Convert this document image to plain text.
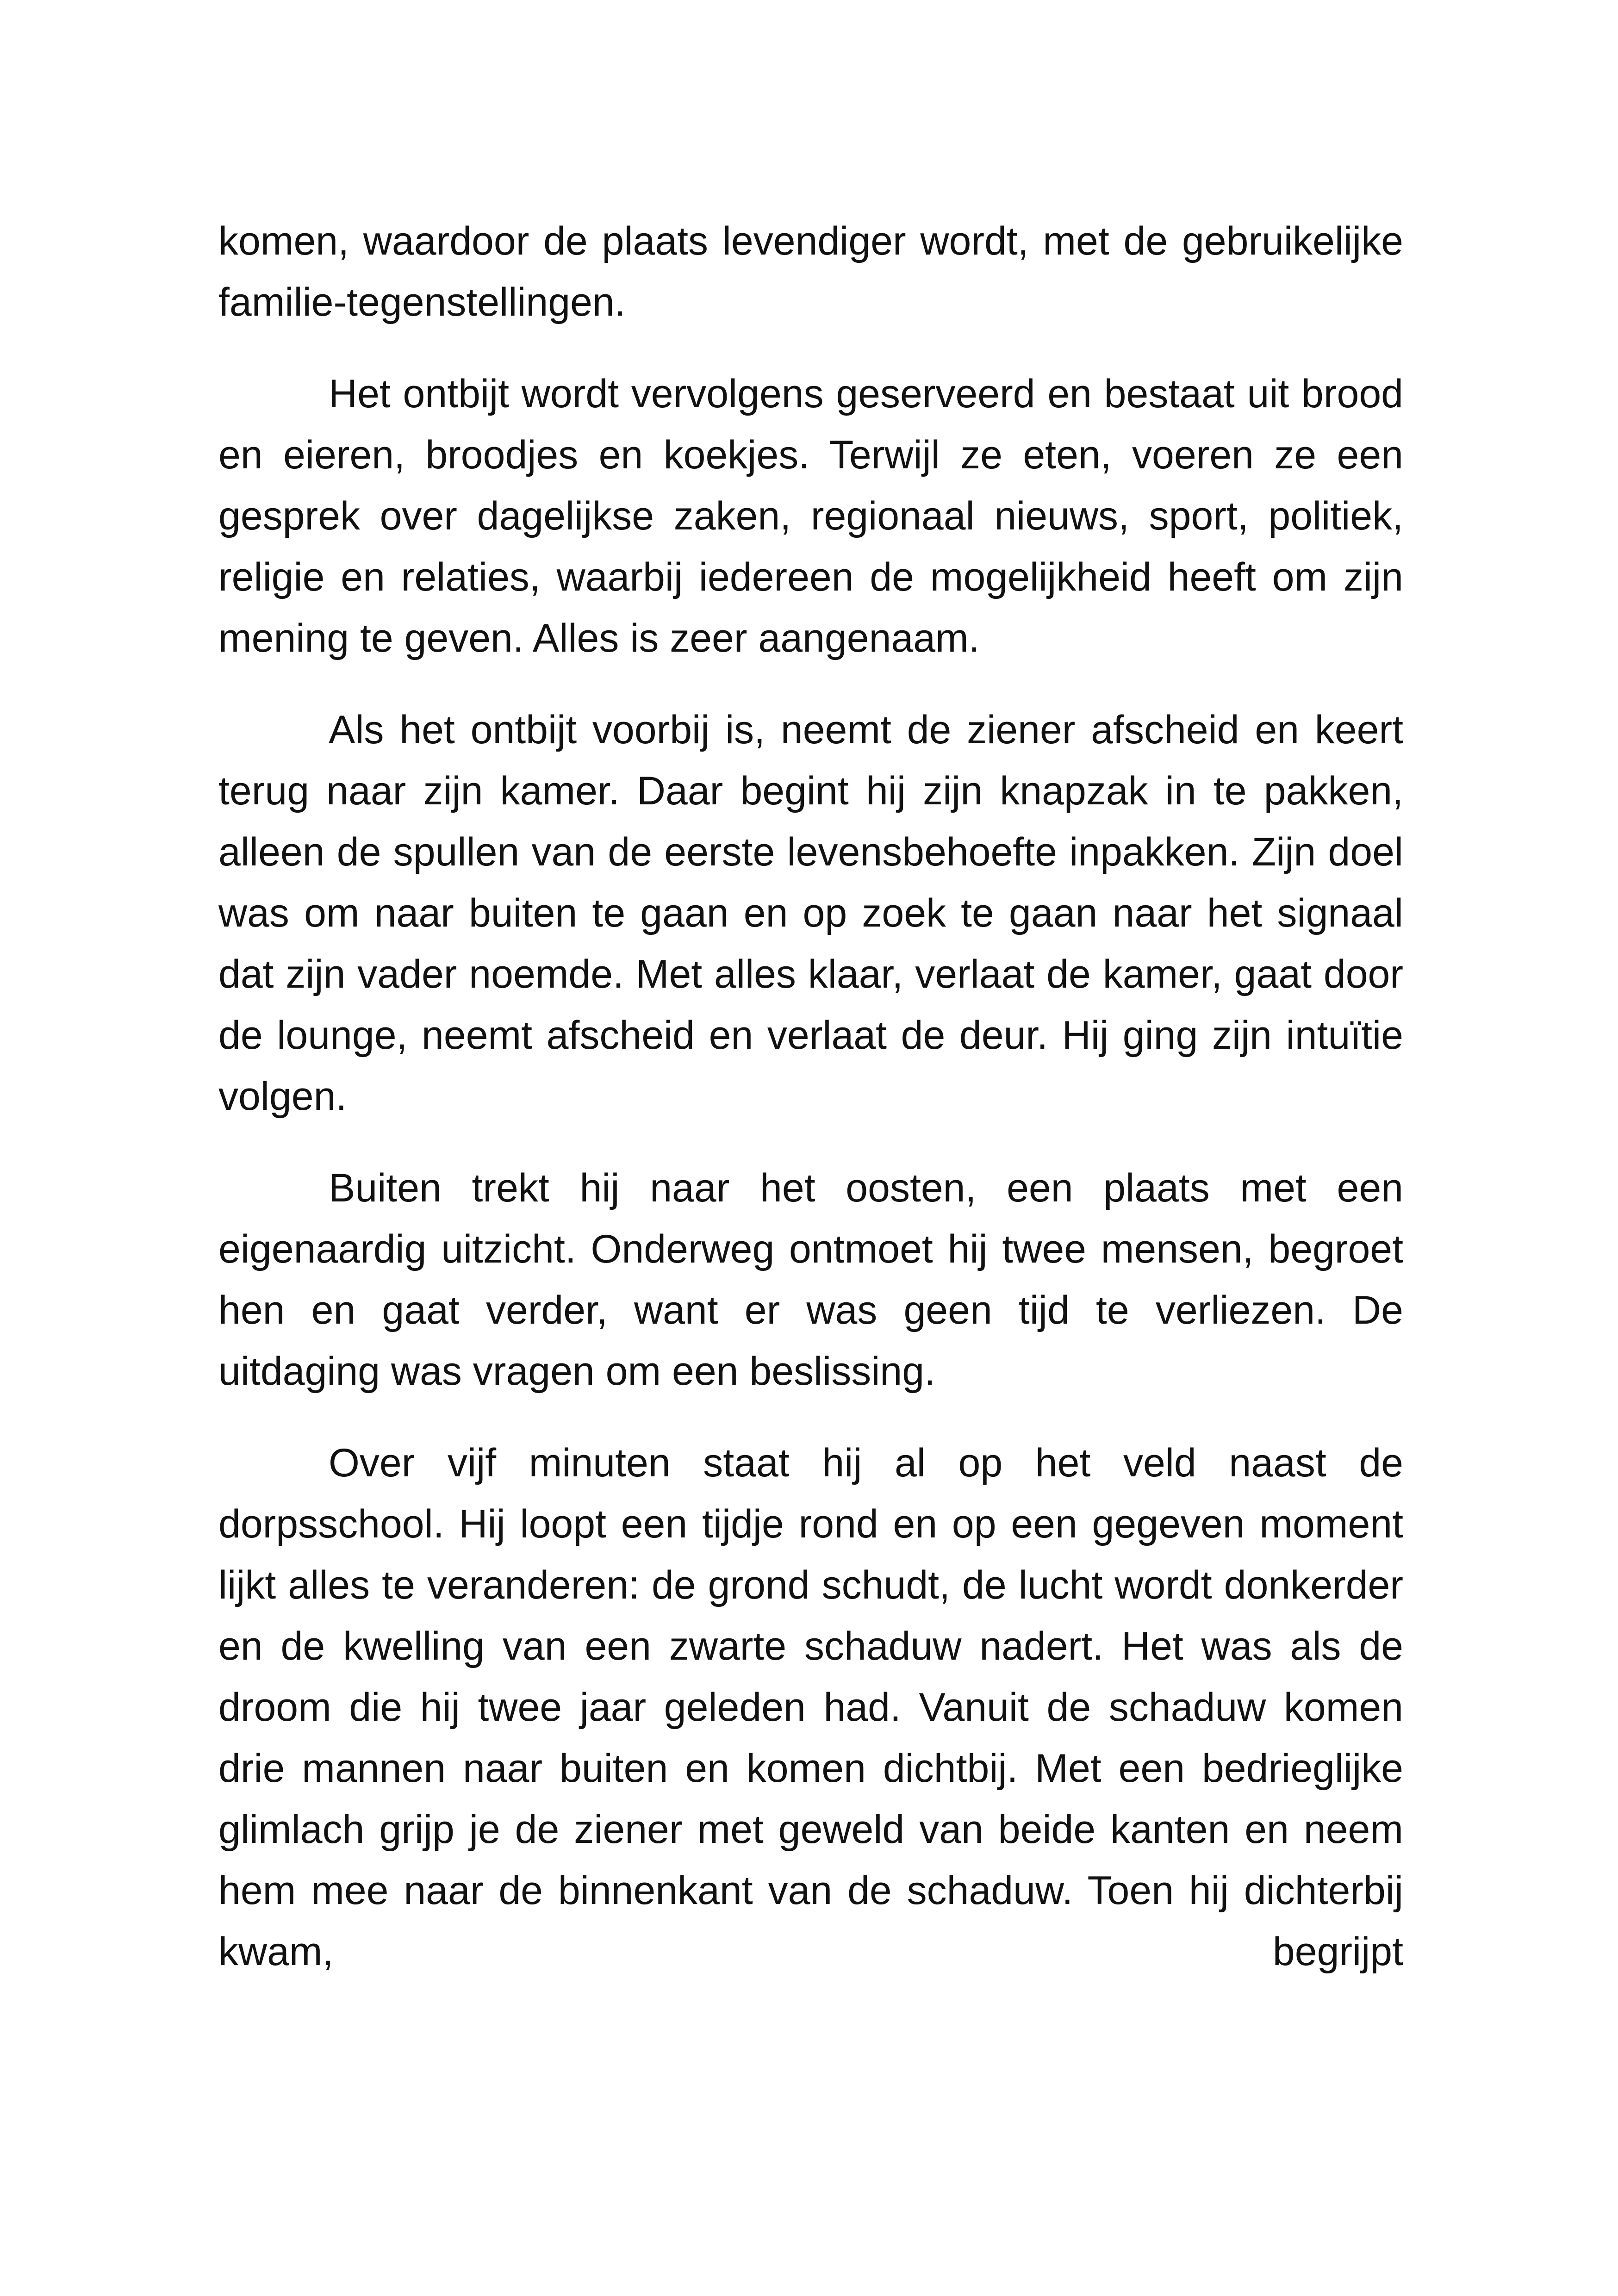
komen, waardoor de plaats levendiger wordt, met de gebruikelijke familie-tegenstellingen.

Het ontbijt wordt vervolgens geserveerd en bestaat uit brood en eieren, broodjes en koekjes. Terwijl ze eten, voeren ze een gesprek over dagelijkse zaken, regionaal nieuws, sport, politiek, religie en relaties, waarbij iedereen de mogelijkheid heeft om zijn mening te geven. Alles is zeer aangenaam.

Als het ontbijt voorbij is, neemt de ziener afscheid en keert terug naar zijn kamer. Daar begint hij zijn knapzak in te pakken, alleen de spullen van de eerste levensbehoefte inpakken. Zijn doel was om naar buiten te gaan en op zoek te gaan naar het signaal dat zijn vader noemde. Met alles klaar, verlaat de kamer, gaat door de lounge, neemt afscheid en verlaat de deur. Hij ging zijn intuïtie volgen.

Buiten trekt hij naar het oosten, een plaats met een eigenaardig uitzicht. Onderweg ontmoet hij twee mensen, begroet hen en gaat verder, want er was geen tijd te verliezen. De uitdaging was vragen om een beslissing.

Over vijf minuten staat hij al op het veld naast de dorpsschool. Hij loopt een tijdje rond en op een gegeven moment lijkt alles te veranderen: de grond schudt, de lucht wordt donkerder en de kwelling van een zwarte schaduw nadert. Het was als de droom die hij twee jaar geleden had. Vanuit de schaduw komen drie mannen naar buiten en komen dichtbij. Met een bedrieglijke glimlach grijp je de ziener met geweld van beide kanten en neem hem mee naar de binnenkant van de schaduw. Toen hij dichterbij kwam, begrijpt
